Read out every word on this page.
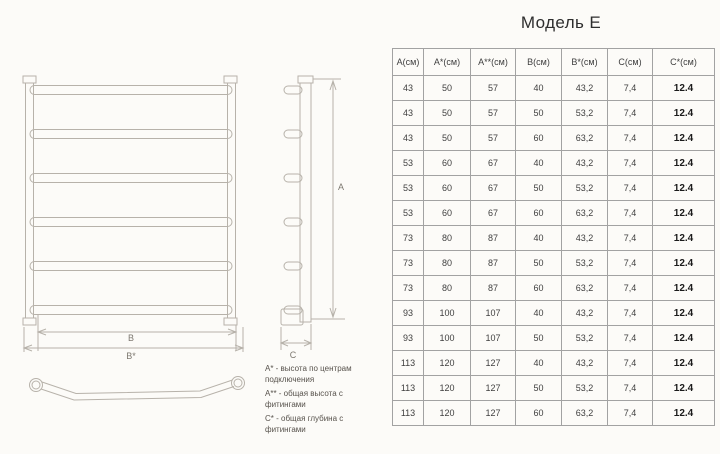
Модель Е
B
B*
A
C
А(см)	А*(см)	А**(см)	В(см)	В*(см)	С(см)	С*(см)
43	50	57	40	43,2	7,4	12.4
43	50	57	50	53,2	7,4	12.4
43	50	57	60	63,2	7,4	12.4
53	60	67	40	43,2	7,4	12.4
53	60	67	50	53,2	7,4	12.4
53	60	67	60	63,2	7,4	12.4
73	80	87	40	43,2	7,4	12.4
73	80	87	50	53,2	7,4	12.4
73	80	87	60	63,2	7,4	12.4
93	100	107	40	43,2	7,4	12.4
93	100	107	50	53,2	7,4	12.4
113	120	127	40	43,2	7,4	12.4
113	120	127	50	53,2	7,4	12.4
113	120	127	60	63,2	7,4	12.4
А* - высота по центрам подключения
А** - общая высота с фитингами
С* - общая глубина с фитингами
